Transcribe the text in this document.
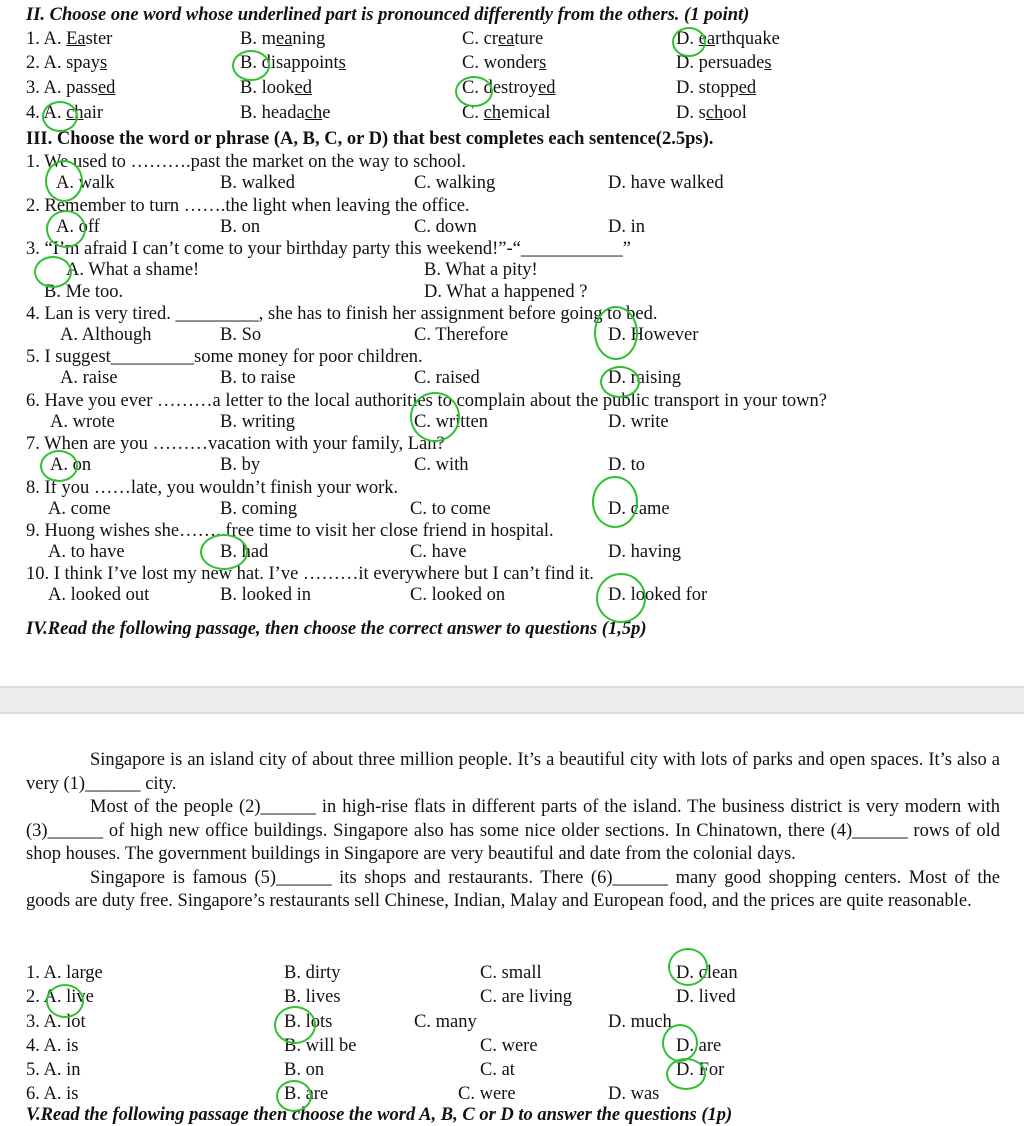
II. Choose one word whose underlined part is pronounced differently from the others. (1 point)
1. A. Easter	B. meaning	C. creature	D. earthquake
2. A. spays	B. disappoints	C. wonders	D. persuades
3. A. passed	B. looked	C. destroyed	D. stopped
4. A. chair	B. headache	C. chemical	D. school
III. Choose the word or phrase (A, B, C, or D) that best completes each sentence(2.5ps).
1. We used to ……….past the market on the way to school.
A. walk	B. walked	C. walking	D. have walked
2. Remember to turn …….the light when leaving the office.
A. off	B. on	C. down	D. in
3. “I’m afraid I can’t come to your birthday party this weekend!”-“___________”
A. What a shame!	B. What a pity!
B. Me too.	D. What a happened ?
4. Lan is very tired. _________, she has to finish her assignment before going to bed.
A. Although	B. So	C. Therefore	D. However
5. I suggest_________some money for poor children.
A. raise	B. to raise	C. raised	D. raising
6. Have you ever ………a letter to the local authorities to complain about the public transport in your town?
A. wrote	B. writing	C. written	D. write
7. When are you ………vacation with your family, Lan?
A. on	B. by	C. with	D. to
8. If you ……late, you wouldn’t finish your work.
A. come	B. coming	C. to come	D. came
9. Huong wishes she……..free time to visit her close friend in hospital.
A. to have	B. had	C. have	D. having
10. I think I’ve lost my new hat. I’ve ………it everywhere but I can’t find it.
A. looked out	B. looked in	C. looked on	D. looked for
IV.Read the following passage, then choose the correct answer to questions (1,5p)

Singapore is an island city of about three million people. It’s a beautiful city with lots of parks and open spaces. It’s also a very (1)______ city.

Most of the people (2)______ in high-rise flats in different parts of the island. The business district is very modern with (3)______ of high new office buildings. Singapore also has some nice older sections. In Chinatown, there (4)______ rows of old shop houses. The government buildings in Singapore are very beautiful and date from the colonial days.

Singapore is famous (5)______ its shops and restaurants. There (6)______ many good shopping centers. Most of the goods are duty free. Singapore’s restaurants sell Chinese, Indian, Malay and European food, and the prices are quite reasonable.

1. A. large	B. dirty	C. small	D. clean
2. A. live	B. lives	C. are living	D. lived
3. A. lot	B. lots	C. many	D. much
4. A. is	B. will be	C. were	D. are
5. A. in	B. on	C. at	D. For
6. A. is	B. are	C. were	D. was
V.Read the following passage then choose the word A, B, C or D to answer the questions (1p)
